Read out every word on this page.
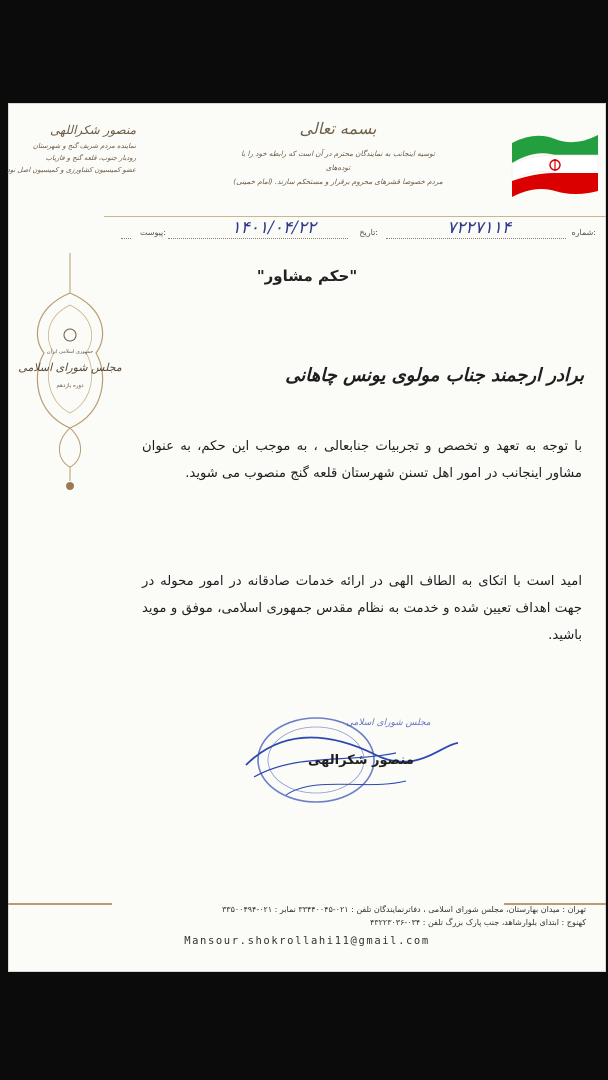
منصور شکراللهی
نماینده مردم شریف گنج و شهرستان
رودبار جنوب، قلعه گنج و فاریاب
عضو کمیسیون کشاورزی و کمیسیون اصل نود
بسمه تعالی
توسیه اینجانب به نمایندگان محترم در آن است که رابطه خود را با توده‌های
مردم خصوصا قشرهای محروم برقرار و مستحکم سازند. (امام خمینی)
شماره:
۷۲۲۷۱۱۴
تاریخ:
۱۴۰۱/۰۴/۲۲
پیوست:
مجلس شورای اسلامی
جمهوری اسلامی ایران
دوره یازدهم
"حکم مشاور"
برادر ارجمند جناب مولوی یونس چاهانی
با توجه به تعهد و تخصص و تجربیات جنابعالی ، به موجب این حکم، به عنوان مشاور اینجانب در امور اهل تسنن شهرستان قلعه گنج منصوب می شوید.
امید است با اتکای به الطاف الهی در ارائه خدمات صادقانه در امور محوله در جهت اهداف تعیین شده و خدمت به نظام مقدس جمهوری اسلامی، موفق و موید باشید.
مجلس شورای اسلامی
منصور شکرالهی
تهران : میدان بهارستان، مجلس شورای اسلامی ، دفاترنمایندگان تلفن : ۰۲۱-۳۳۴۴۰۰۴۵ نمابر : ۰۲۱-۳۳۵۰۰۴۹۴
کهنوج : ابتدای بلوارشاهد، جنب پارک بزرگ تلفن : ۰۳۴-۴۳۲۲۳۰۳۶
Mansour.shokrollahi11@gmail.com
